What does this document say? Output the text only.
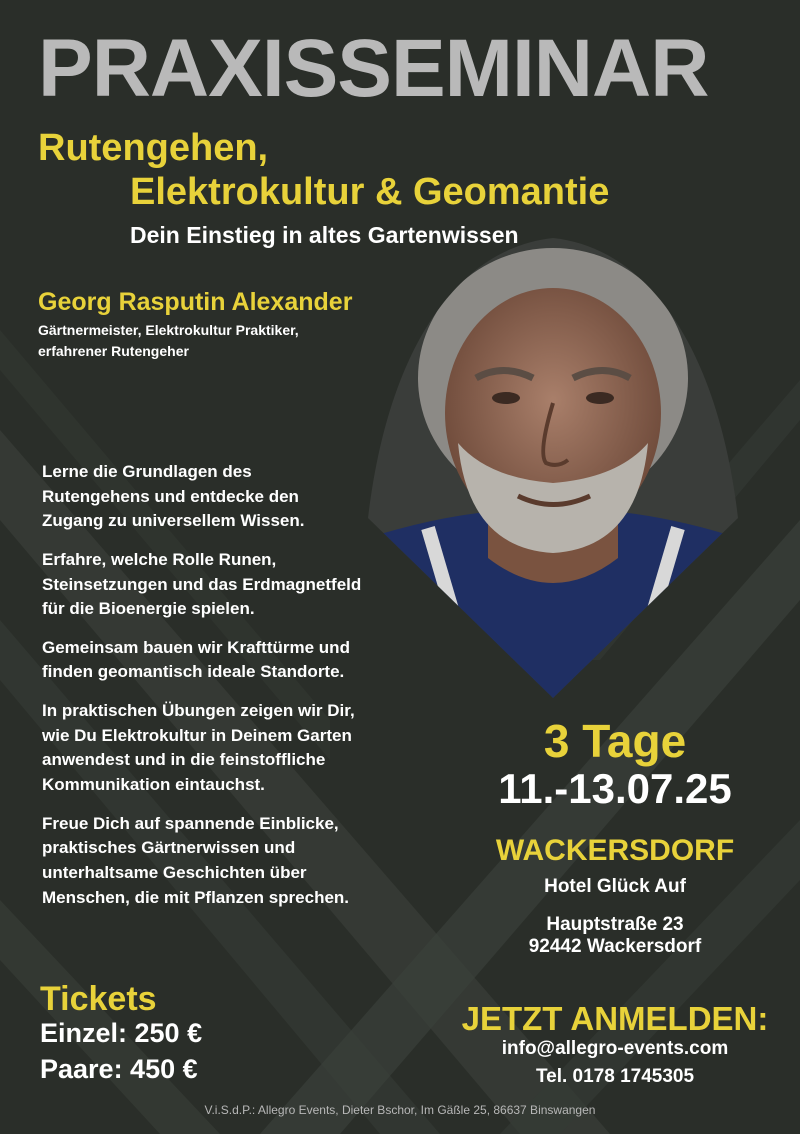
PRAXISSEMINAR
Rutengehen,
Elektrokultur & Geomantie
Dein Einstieg in altes Gartenwissen
Georg Rasputin Alexander
Gärtnermeister, Elektrokultur Praktiker,
erfahrener Rutengeher
Lerne die Grundlagen des
Rutengehens und entdecke den
Zugang zu universellem Wissen.
Erfahre, welche Rolle Runen,
Steinsetzungen und das Erdmagnetfeld
für die Bioenergie spielen.
Gemeinsam bauen wir Krafttürme und
finden geomantisch ideale Standorte.
In praktischen Übungen zeigen wir Dir,
wie Du Elektrokultur in Deinem Garten
anwendest und in die feinstoffliche
Kommunikation eintauchst.
Freue Dich auf spannende Einblicke,
praktisches Gärtnerwissen und
unterhaltsame Geschichten über
Menschen, die mit Pflanzen sprechen.
3 Tage
11.-13.07.25
WACKERSDORF
Hotel Glück Auf
Hauptstraße 23
92442 Wackersdorf
Tickets
Einzel: 250 €
Paare: 450 €
JETZT ANMELDEN:
info@allegro-events.com
Tel. 0178 1745305
V.i.S.d.P.: Allegro Events, Dieter Bschor, Im Gäßle 25, 86637 Binswangen
